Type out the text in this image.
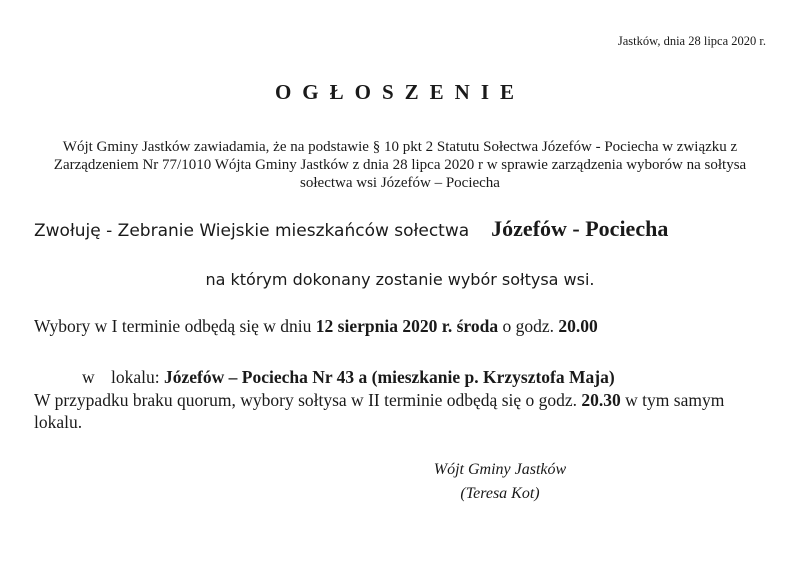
Jastków, dnia 28 lipca 2020 r.
OGŁOSZENIE
Wójt Gminy Jastków zawiadamia, że na podstawie § 10 pkt 2 Statutu Sołectwa Józefów - Pociecha w związku z Zarządzeniem Nr 77/1010 Wójta Gminy Jastków z dnia 28 lipca 2020 r w sprawie zarządzenia wyborów na sołtysa sołectwa wsi Józefów – Pociecha
Zwołuję - Zebranie Wiejskie mieszkańców sołectwa Józefów - Pociecha
na którym dokonany zostanie wybór sołtysa wsi.
Wybory w I terminie odbędą się w dniu 12 sierpnia 2020 r. środa o godz. 20.00
w lokalu: Józefów – Pociecha Nr 43 a (mieszkanie p. Krzysztofa Maja)
W przypadku braku quorum, wybory sołtysa w II terminie odbędą się o godz. 20.30 w tym samym lokalu.
Wójt Gminy Jastków
(Teresa Kot)
